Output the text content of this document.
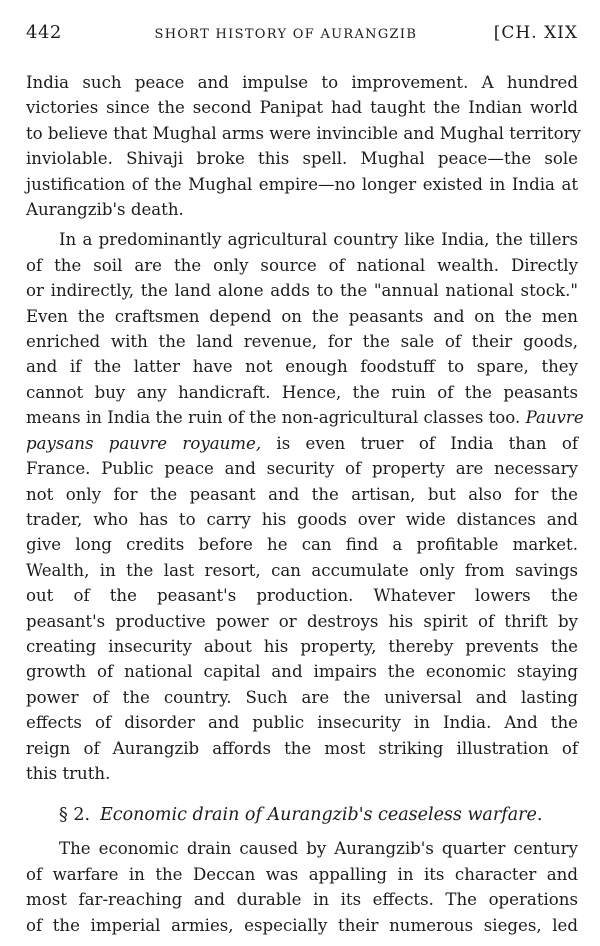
442	SHORT HISTORY OF AURANGZIB	[CH. XIX
India such peace and impulse to improvement. A hundred
victories since the second Panipat had taught the Indian world
to believe that Mughal arms were invincible and Mughal territory
inviolable. Shivaji broke this spell. Mughal peace—the sole
justification of the Mughal empire—no longer existed in India at
Aurangzib's death.
In a predominantly agricultural country like India, the tillers
of the soil are the only source of national wealth. Directly
or indirectly, the land alone adds to the "annual national stock."
Even the craftsmen depend on the peasants and on the men
enriched with the land revenue, for the sale of their goods,
and if the latter have not enough foodstuff to spare, they
cannot buy any handicraft. Hence, the ruin of the peasants
means in India the ruin of the non-agricultural classes too. Pauvre
paysans pauvre royaume, is even truer of India than of
France. Public peace and security of property are necessary
not only for the peasant and the artisan, but also for the
trader, who has to carry his goods over wide distances and
give long credits before he can find a profitable market.
Wealth, in the last resort, can accumulate only from savings
out of the peasant's production. Whatever lowers the
peasant's productive power or destroys his spirit of thrift by
creating insecurity about his property, thereby prevents the
growth of national capital and impairs the economic staying
power of the country. Such are the universal and lasting
effects of disorder and public insecurity in India. And the
reign of Aurangzib affords the most striking illustration of
this truth.
§ 2. Economic drain of Aurangzib's ceaseless warfare.
The economic drain caused by Aurangzib's quarter century
of warfare in the Deccan was appalling in its character and
most far-reaching and durable in its effects. The operations
of the imperial armies, especially their numerous sieges, led
